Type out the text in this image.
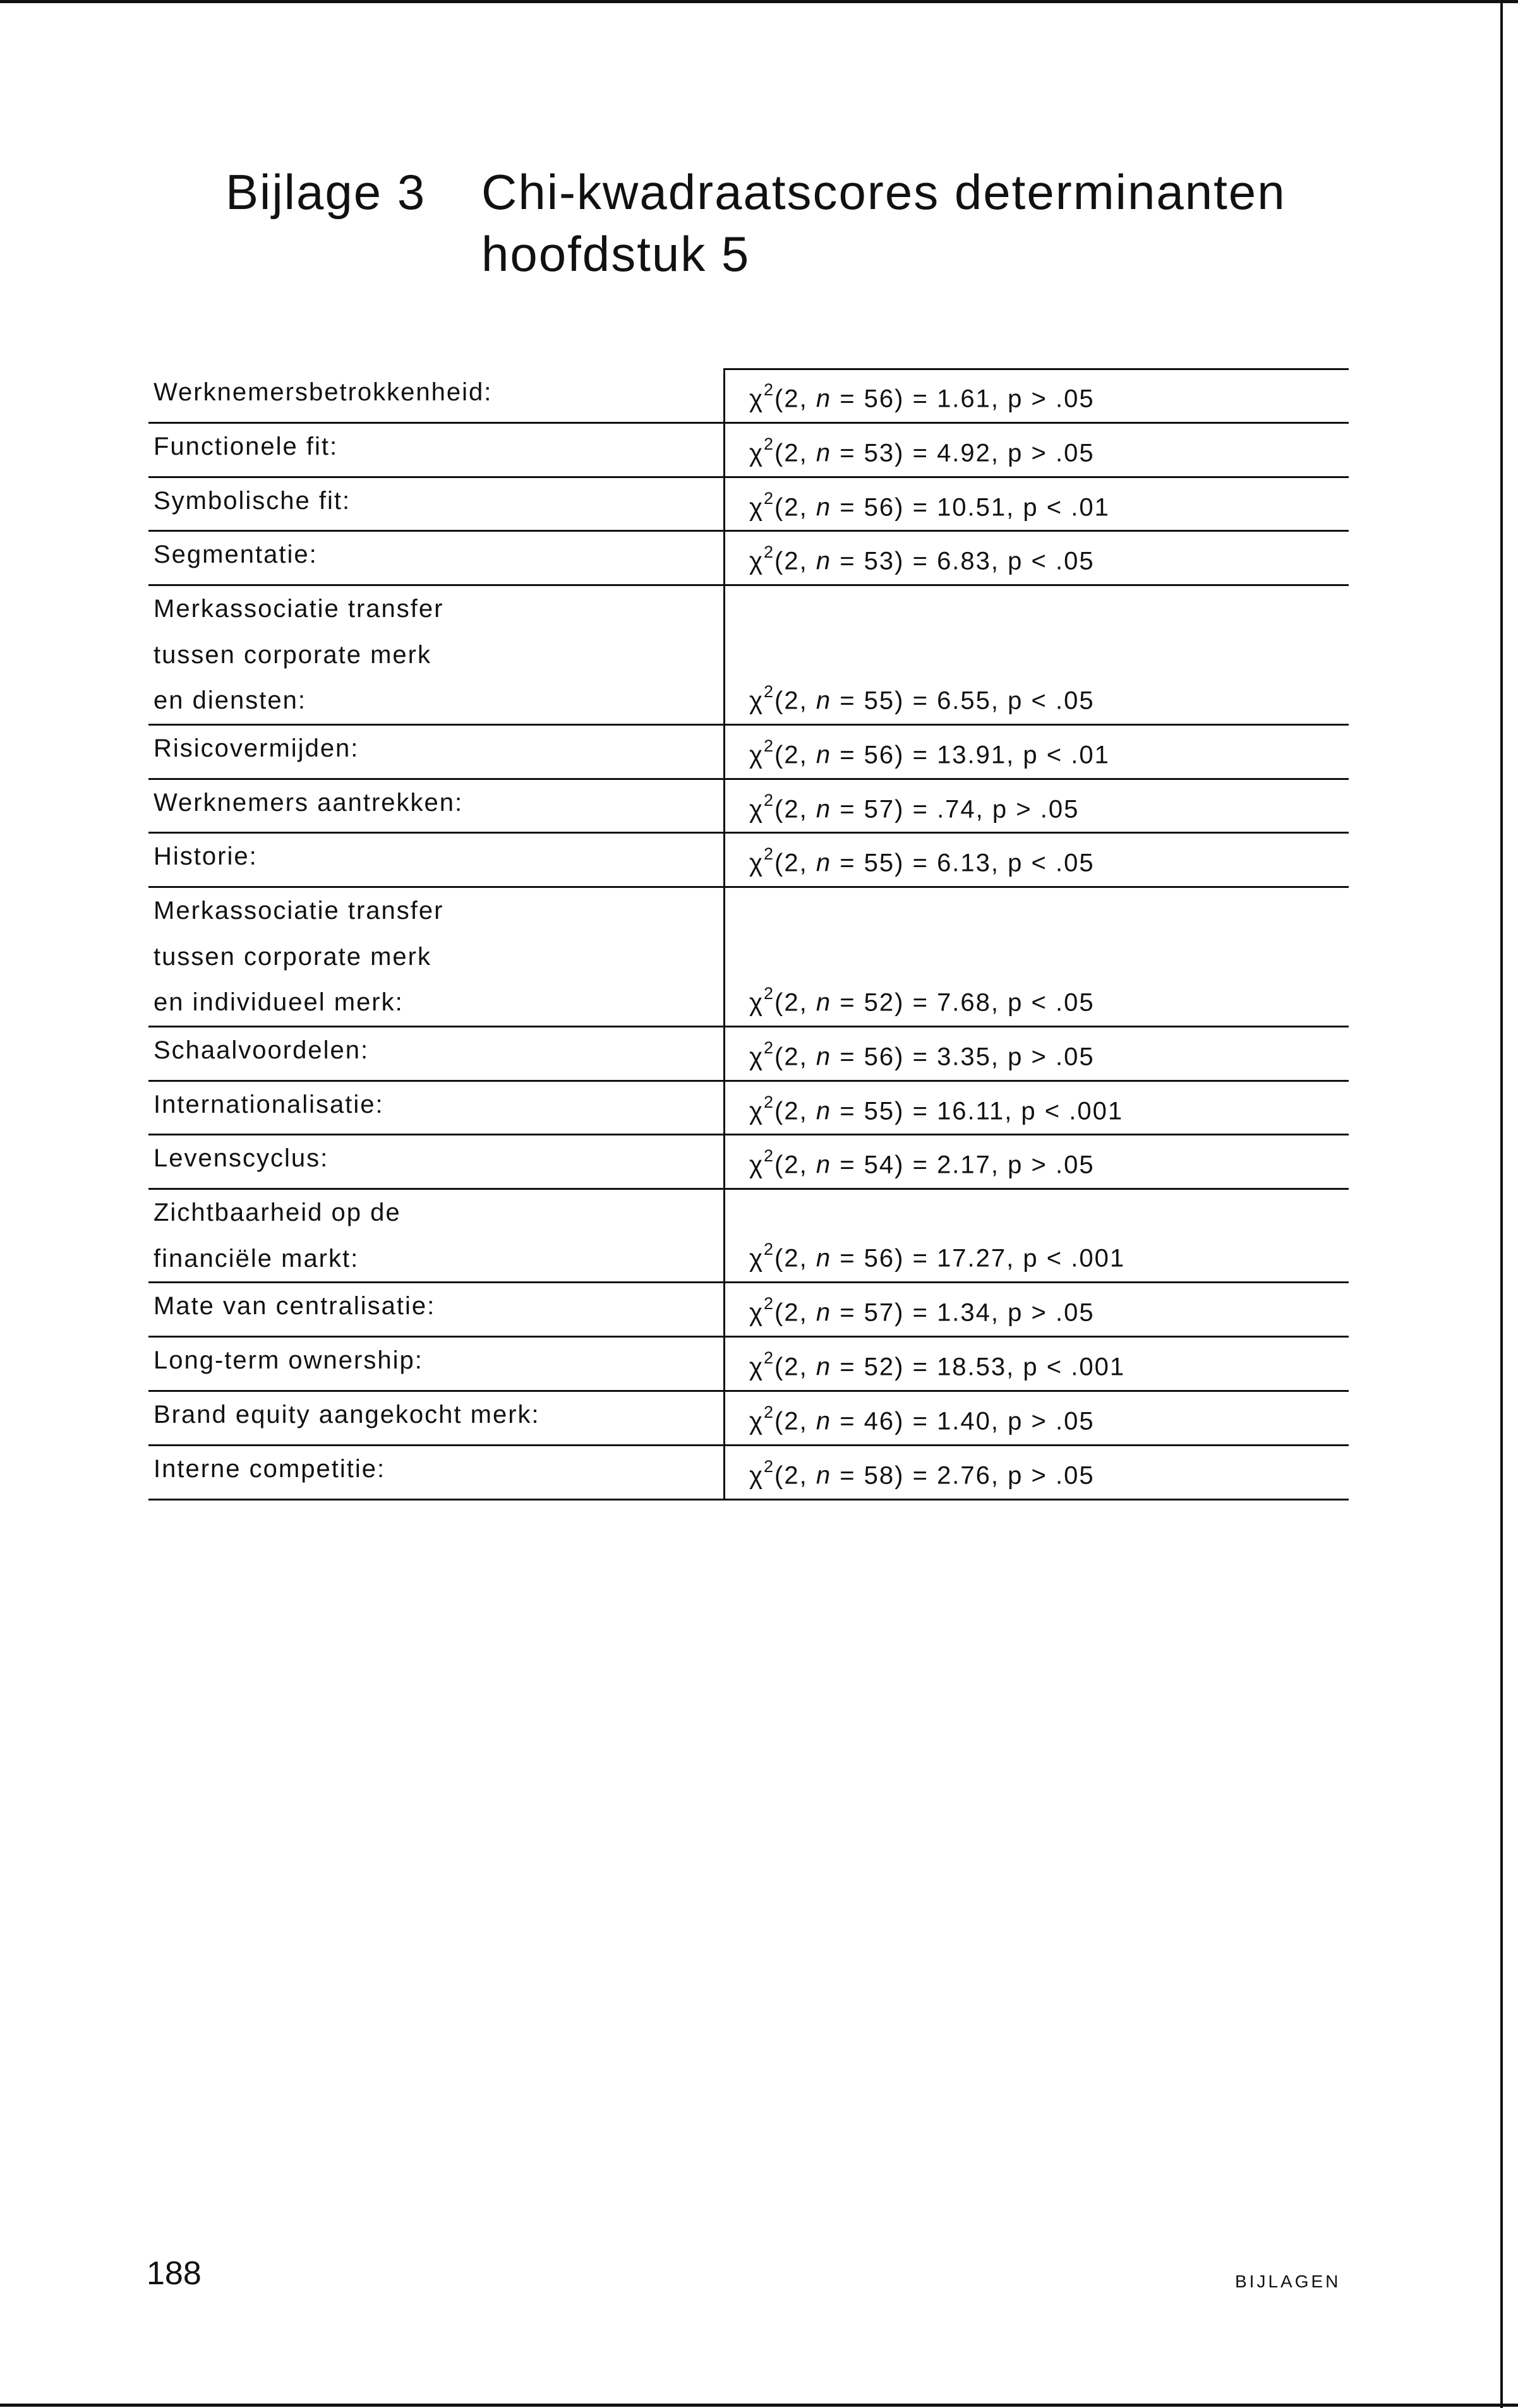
Bijlage 3	Chi-kwadraatscores determinanten
hoofdstuk 5
Werknemersbetrokkenheid:	$\chi^2(2$, n = 56) = 1.61, p > .05
Functionele fit:	$\chi^2(2$, n = 53) = 4.92, p > .05
Symbolische fit:	$\chi^2(2$, n = 56) = 10.51, p < .01
Segmentatie:	$\chi^2(2$, n = 53) = 6.83, p < .05
Merkassociatie transfer
tussen corporate merk
en diensten:	$\chi^2(2$, n = 55) = 6.55, p < .05
Risicovermijden:	$\chi^2(2$, n = 56) = 13.91, p < .01
Werknemers aantrekken:	$\chi^2(2$, n = 57) = .74, p > .05
Historie:	$\chi^2(2$, n = 55) = 6.13, p < .05
Merkassociatie transfer
tussen corporate merk
en individueel merk:	$\chi^2(2$, n = 52) = 7.68, p < .05
Schaalvoordelen:	$\chi^2(2$, n = 56) = 3.35, p > .05
Internationalisatie:	$\chi^2(2$, n = 55) = 16.11, p < .001
Levenscyclus:	$\chi^2(2$, n = 54) = 2.17, p > .05
Zichtbaarheid op de
financiële markt:	$\chi^2(2$, n = 56) = 17.27, p < .001
Mate van centralisatie:	$\chi^2(2$, n = 57) = 1.34, p > .05
Long-term ownership:	$\chi^2(2$, n = 52) = 18.53, p < .001
Brand equity aangekocht merk:	$\chi^2(2$, n = 46) = 1.40, p > .05
Interne competitie:	$\chi^2(2$, n = 58) = 2.76, p > .05
188	BIJLAGEN
